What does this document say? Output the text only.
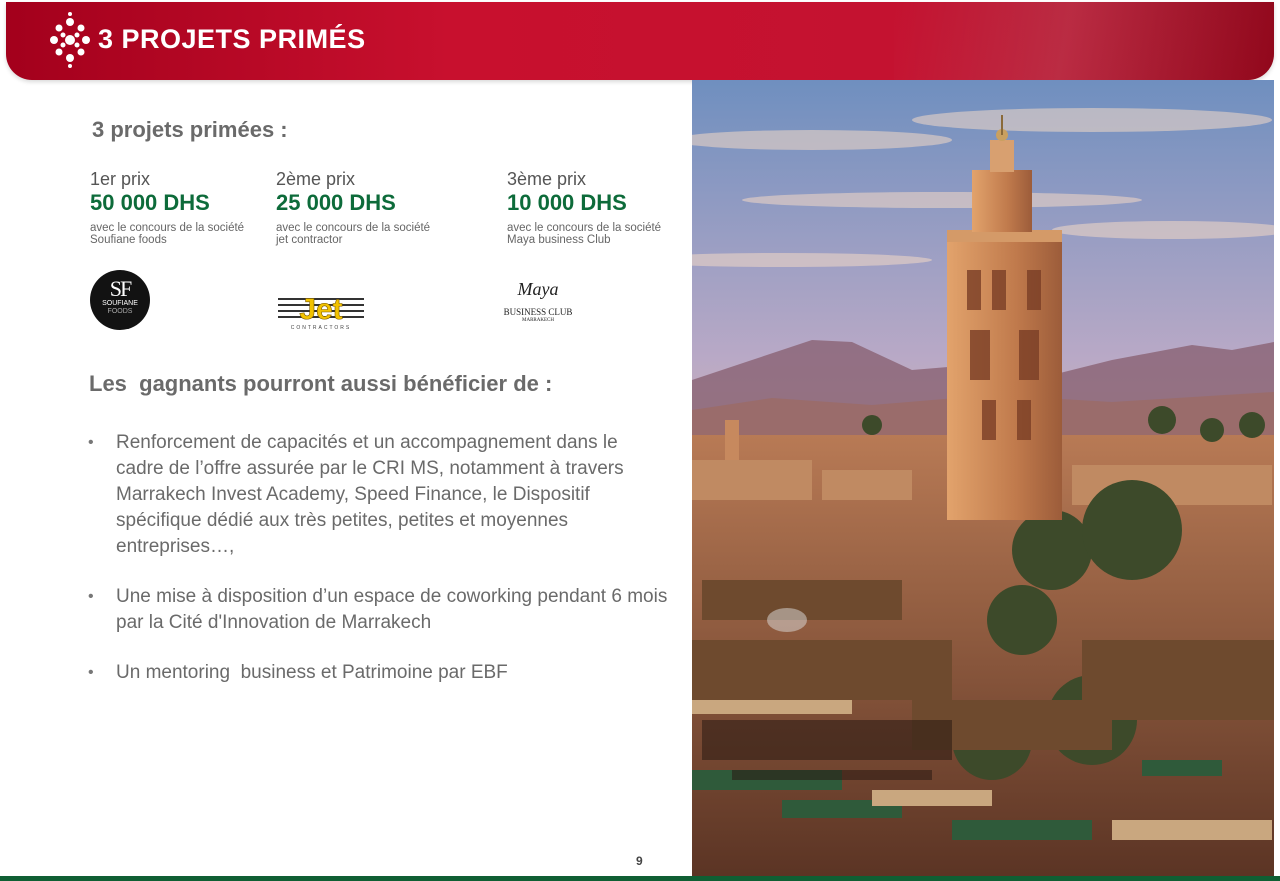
3 PROJETS PRIMÉS
3 projets primées :

1er prix

50 000 DHS

avec le concours de la société Soufiane foods

SF
SOUFIANE
FOODS

2ème prix

25 000 DHS

avec le concours de la société jet contractor

Jet
CONTRACTORS

3ème prix

10 000 DHS

avec le concours de la société Maya business Club

Maya
BUSINESS CLUB
MARRAKECH
Les  gagnants pourront aussi bénéficier de :
• Renforcement de capacités et un accompagnement dans le cadre de l’offre assurée par le CRI MS, notamment à travers Marrakech Invest Academy, Speed Finance, le Dispositif spécifique dédié aux très petites, petites et moyennes entreprises…,
• Une mise à disposition d’un espace de coworking pendant 6 mois par la Cité d'Innovation de Marrakech
• Un mentoring  business et Patrimoine par EBF

9
